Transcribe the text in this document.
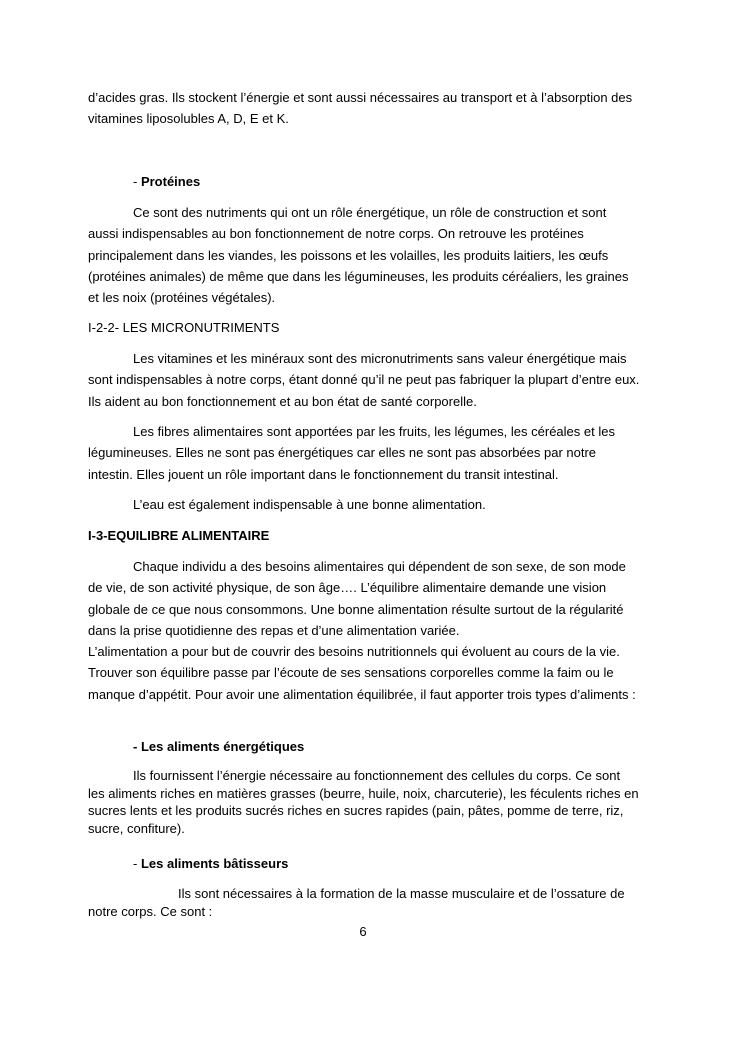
d’acides gras. Ils stockent l’énergie et sont aussi nécessaires au transport et à l’absorption des vitamines liposolubles A, D, E et K.

- Protéines

Ce sont des nutriments qui ont un rôle énergétique, un rôle de construction et sont aussi indispensables au bon fonctionnement de notre corps. On retrouve les protéines principalement dans les viandes, les poissons et les volailles, les produits laitiers, les œufs (protéines animales) de même que dans les légumineuses, les produits céréaliers, les graines et les noix (protéines végétales).

I-2-2- LES MICRONUTRIMENTS

Les vitamines et les minéraux sont des micronutriments sans valeur énergétique mais sont indispensables à notre corps, étant donné qu’il ne peut pas fabriquer la plupart d’entre eux. Ils aident au bon fonctionnement et au bon état de santé corporelle.

Les fibres alimentaires sont apportées par les fruits, les légumes, les céréales et les légumineuses. Elles ne sont pas énergétiques car elles ne sont pas absorbées par notre intestin. Elles jouent un rôle important dans le fonctionnement du transit intestinal.

L’eau est également indispensable à une bonne alimentation.

I-3-EQUILIBRE ALIMENTAIRE

Chaque individu a des besoins alimentaires qui dépendent de son sexe, de son mode de vie, de son activité physique, de son âge…. L’équilibre alimentaire demande une vision globale de ce que nous consommons. Une bonne alimentation résulte surtout de la régularité dans la prise quotidienne des repas et d’une alimentation variée.

L’alimentation a pour but de couvrir des besoins nutritionnels qui évoluent au cours de la vie. Trouver son équilibre passe par l’écoute de ses sensations corporelles comme la faim ou le manque d’appétit. Pour avoir une alimentation équilibrée, il faut apporter trois types d’aliments :

- Les aliments énergétiques

Ils fournissent l’énergie nécessaire au fonctionnement des cellules du corps. Ce sont les aliments riches en matières grasses (beurre, huile, noix, charcuterie), les féculents riches en sucres lents et les produits sucrés riches en sucres rapides (pain, pâtes, pomme de terre, riz, sucre, confiture).

- Les aliments bâtisseurs

Ils sont nécessaires à la formation de la masse musculaire et de l’ossature de notre corps. Ce sont :

6
